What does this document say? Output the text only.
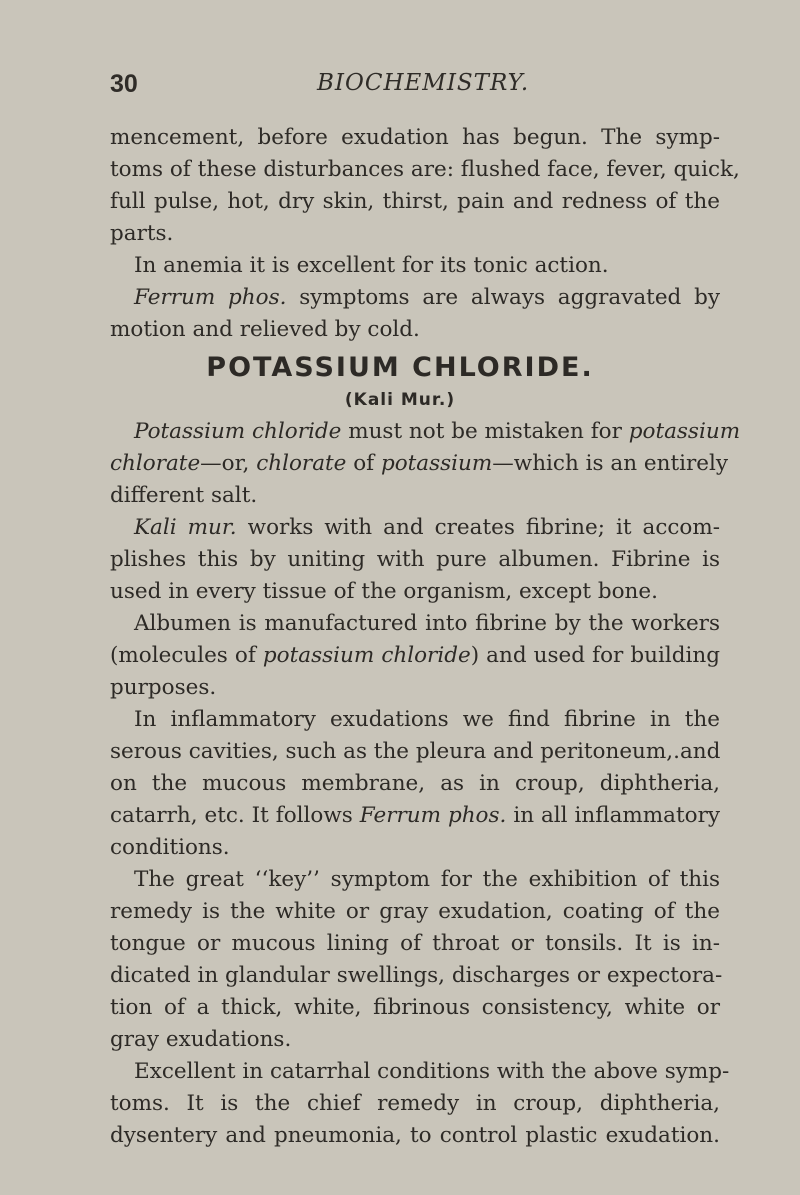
30	BIOCHEMISTRY.
mencement, before exudation has begun. The symp-
toms of these disturbances are: flushed face, fever, quick,
full pulse, hot, dry skin, thirst, pain and redness of the
parts.
In anemia it is excellent for its tonic action.
Ferrum phos. symptoms are always aggravated by
motion and relieved by cold.
POTASSIUM CHLORIDE.
(Kali Mur.)
Potassium chloride must not be mistaken for potassium
chlorate—or, chlorate of potassium—which is an entirely
different salt.
Kali mur. works with and creates fibrine; it accom-
plishes this by uniting with pure albumen. Fibrine is
used in every tissue of the organism, except bone.
Albumen is manufactured into fibrine by the workers
(molecules of potassium chloride) and used for building
purposes.
In inflammatory exudations we find fibrine in the
serous cavities, such as the pleura and peritoneum,.and
on the mucous membrane, as in croup, diphtheria,
catarrh, etc. It follows Ferrum phos. in all inflammatory
conditions.
The great ‘‘key’’ symptom for the exhibition of this
remedy is the white or gray exudation, coating of the
tongue or mucous lining of throat or tonsils. It is in-
dicated in glandular swellings, discharges or expectora-
tion of a thick, white, fibrinous consistency, white or
gray exudations.
Excellent in catarrhal conditions with the above symp-
toms. It is the chief remedy in croup, diphtheria,
dysentery and pneumonia, to control plastic exudation.
